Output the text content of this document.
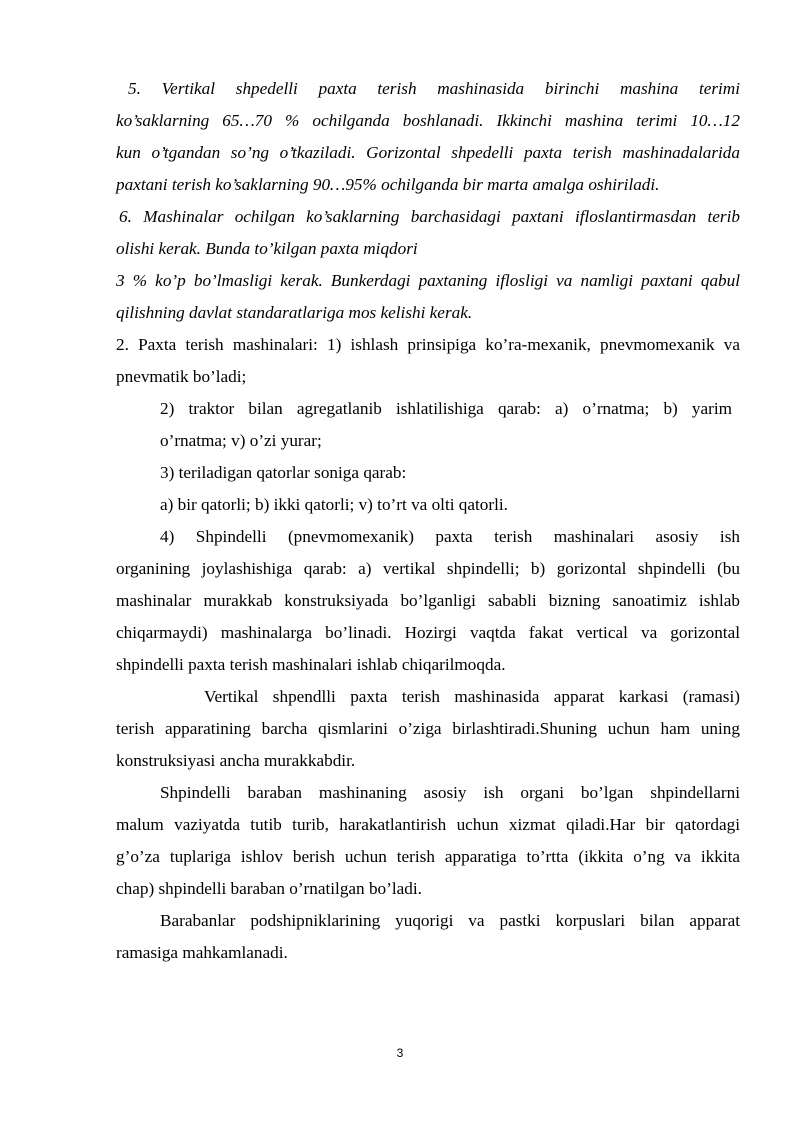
5. Vertikal shpedelli paxta terish mashinasida birinchi mashina terimi

ko’saklarning 65…70 % ochilganda boshlanadi. Ikkinchi mashina terimi 10…12

kun o’tgandan so’ng o’tkaziladi. Gorizontal shpedelli paxta terish mashinadalarida

paxtani terish ko’saklarning 90…95% ochilganda bir marta amalga oshiriladi.

6. Mashinalar ochilgan ko’saklarning barchasidagi paxtani ifloslantirmasdan terib

olishi kerak. Bunda to’kilgan paxta miqdori

3 % ko’p bo’lmasligi kerak. Bunkerdagi paxtaning iflosligi va namligi paxtani qabul

qilishning davlat standaratlariga mos kelishi kerak.

2. Paxta terish mashinalari: 1) ishlash prinsipiga ko’ra-mexanik, pnevmomexanik va

pnevmatik bo’ladi;

2) traktor bilan agregatlanib ishlatilishiga qarab: a) o’rnatma; b) yarim

o’rnatma; v) o’zi yurar;

3) teriladigan qatorlar soniga qarab:

a) bir qatorli; b) ikki qatorli; v) to’rt va olti qatorli.

4) Shpindelli (pnevmomexanik) paxta terish mashinalari asosiy ish

organining joylashishiga qarab: a) vertikal shpindelli; b) gorizontal shpindelli (bu

mashinalar murakkab konstruksiyada bo’lganligi sababli bizning sanoatimiz ishlab

chiqarmaydi) mashinalarga bo’linadi. Hozirgi vaqtda fakat vertical va gorizontal

shpindelli paxta terish mashinalari ishlab chiqarilmoqda.

Vertikal shpendlli paxta terish mashinasida apparat karkasi (ramasi)

terish apparatining barcha qismlarini o’ziga birlashtiradi.Shuning uchun ham uning

konstruksiyasi ancha murakkabdir.

Shpindelli baraban mashinaning asosiy ish organi bo’lgan shpindellarni

malum vaziyatda tutib turib, harakatlantirish uchun xizmat qiladi.Har bir qatordagi

g’o’za tuplariga ishlov berish uchun terish apparatiga to’rtta (ikkita o’ng va ikkita

chap) shpindelli baraban o’rnatilgan bo’ladi.

Barabanlar podshipniklarining yuqorigi va pastki korpuslari bilan apparat

ramasiga mahkamlanadi.

3
